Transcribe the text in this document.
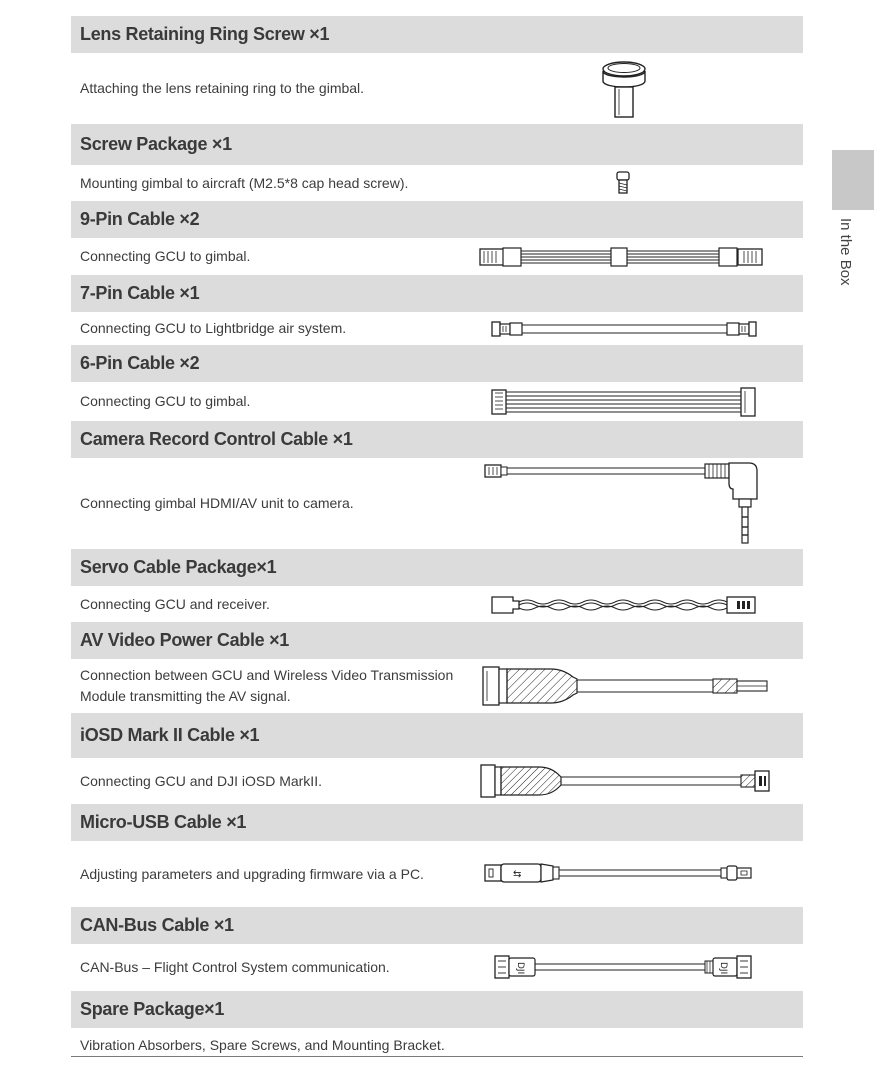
Lens Retaining Ring Screw ×1
Attaching the lens retaining ring to the gimbal.
Screw Package ×1
Mounting gimbal to aircraft (M2.5*8 cap head screw).
9-Pin Cable ×2
Connecting GCU to gimbal.
7-Pin Cable ×1
Connecting GCU to Lightbridge air system.
6-Pin Cable ×2
Connecting GCU to gimbal.
Camera Record Control Cable ×1
Connecting gimbal HDMI/AV unit to camera.
Servo Cable Package×1
Connecting GCU and receiver.
AV Video Power Cable ×1
Connection between GCU and Wireless Video Transmission Module transmitting the AV signal.
iOSD Mark II Cable ×1
Connecting GCU and DJI iOSD MarkII.
Micro-USB Cable ×1
Adjusting parameters and upgrading firmware via a PC.	⇆
CAN-Bus Cable ×1
CAN-Bus – Flight Control System communication.	DJI	DJI
Spare Package×1
Vibration Absorbers, Spare Screws, and Mounting Bracket.
In the Box
